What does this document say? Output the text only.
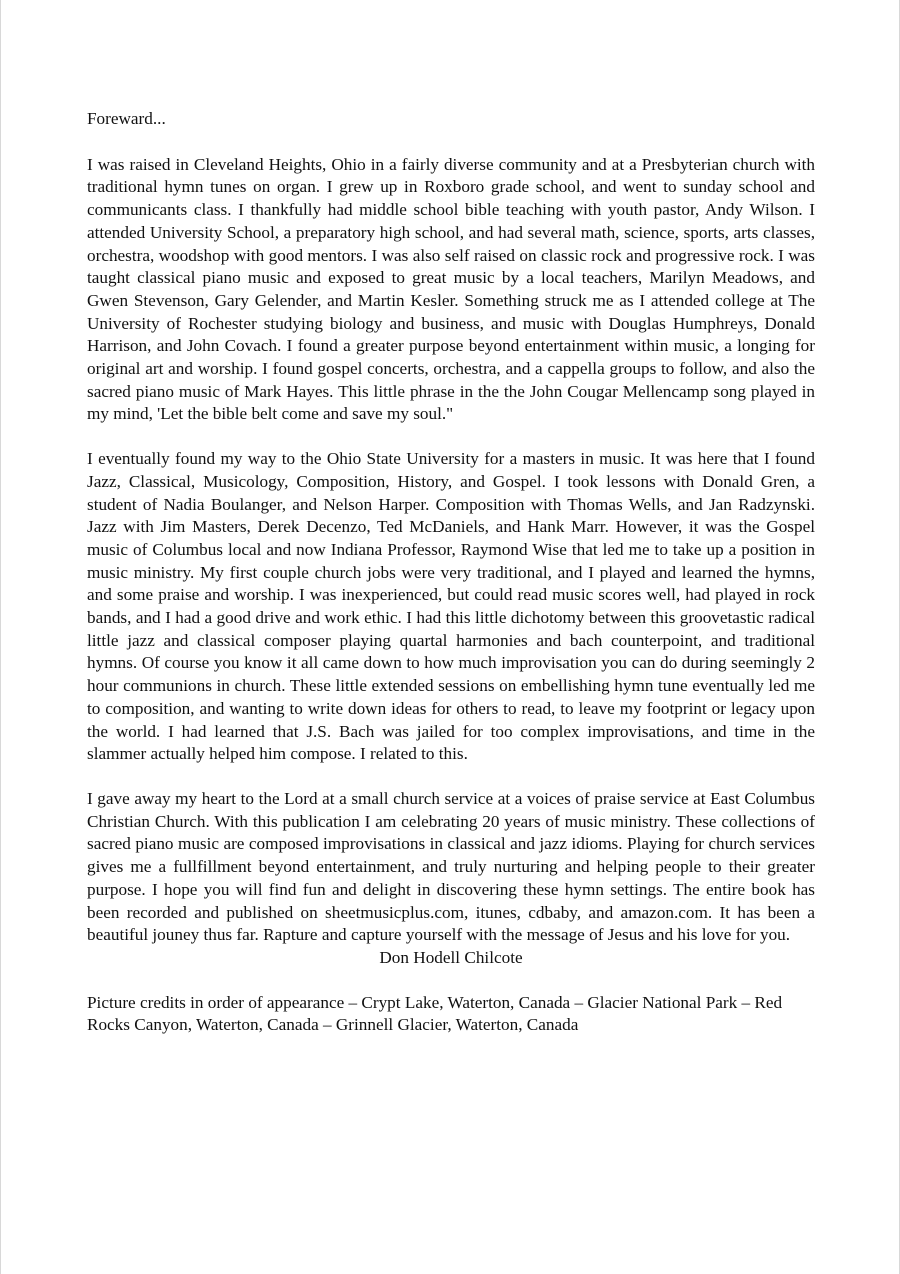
Foreward...

I was raised in Cleveland Heights, Ohio in a fairly diverse community and at a Presbyterian church with traditional hymn tunes on organ. I grew up in Roxboro grade school, and went to sunday school and communicants class. I thankfully had middle school bible teaching with youth pastor, Andy Wilson. I attended University School, a preparatory high school, and had several math, science, sports, arts classes, orchestra, woodshop with good mentors. I was also self raised on classic rock and progressive rock. I was taught classical piano music and exposed to great music by a local teachers, Marilyn Meadows, and Gwen Stevenson, Gary Gelender, and Martin Kesler. Something struck me as I attended college at The University of Rochester studying biology and business, and music with Douglas Humphreys, Donald Harrison, and John Covach. I found a greater purpose beyond entertainment within music, a longing for original art and worship. I found gospel concerts, orchestra, and a cappella groups to follow, and also the sacred piano music of Mark Hayes. This little phrase in the the John Cougar Mellencamp song played in my mind, 'Let the bible belt come and save my soul."

I eventually found my way to the Ohio State University for a masters in music. It was here that I found Jazz, Classical, Musicology, Composition, History, and Gospel. I took lessons with Donald Gren, a student of Nadia Boulanger, and Nelson Harper. Composition with Thomas Wells, and Jan Radzynski. Jazz with Jim Masters, Derek Decenzo, Ted McDaniels, and Hank Marr. However, it was the Gospel music of Columbus local and now Indiana Professor, Raymond Wise that led me to take up a position in music ministry. My first couple church jobs were very traditional, and I played and learned the hymns, and some praise and worship. I was inexperienced, but could read music scores well, had played in rock bands, and I had a good drive and work ethic. I had this little dichotomy between this groovetastic radical little jazz and classical composer playing quartal harmonies and bach counterpoint, and traditional hymns. Of course you know it all came down to how much improvisation you can do during seemingly 2 hour communions in church. These little extended sessions on embellishing hymn tune eventually led me to composition, and wanting to write down ideas for others to read, to leave my footprint or legacy upon the world. I had learned that J.S. Bach was jailed for too complex improvisations, and time in the slammer actually helped him compose. I related to this.

I gave away my heart to the Lord at a small church service at a voices of praise service at East Columbus Christian Church. With this publication I am celebrating 20 years of music ministry. These collections of sacred piano music are composed improvisations in classical and jazz idioms. Playing for church services gives me a fullfillment beyond entertainment, and truly nurturing and helping people to their greater purpose. I hope you will find fun and delight in discovering these hymn settings. The entire book has been recorded and published on sheetmusicplus.com, itunes, cdbaby, and amazon.com. It has been a beautiful jouney thus far. Rapture and capture yourself with the message of Jesus and his love for you.

Don Hodell Chilcote

Picture credits in order of appearance – Crypt Lake, Waterton, Canada – Glacier National Park – Red Rocks Canyon, Waterton, Canada – Grinnell Glacier, Waterton, Canada
